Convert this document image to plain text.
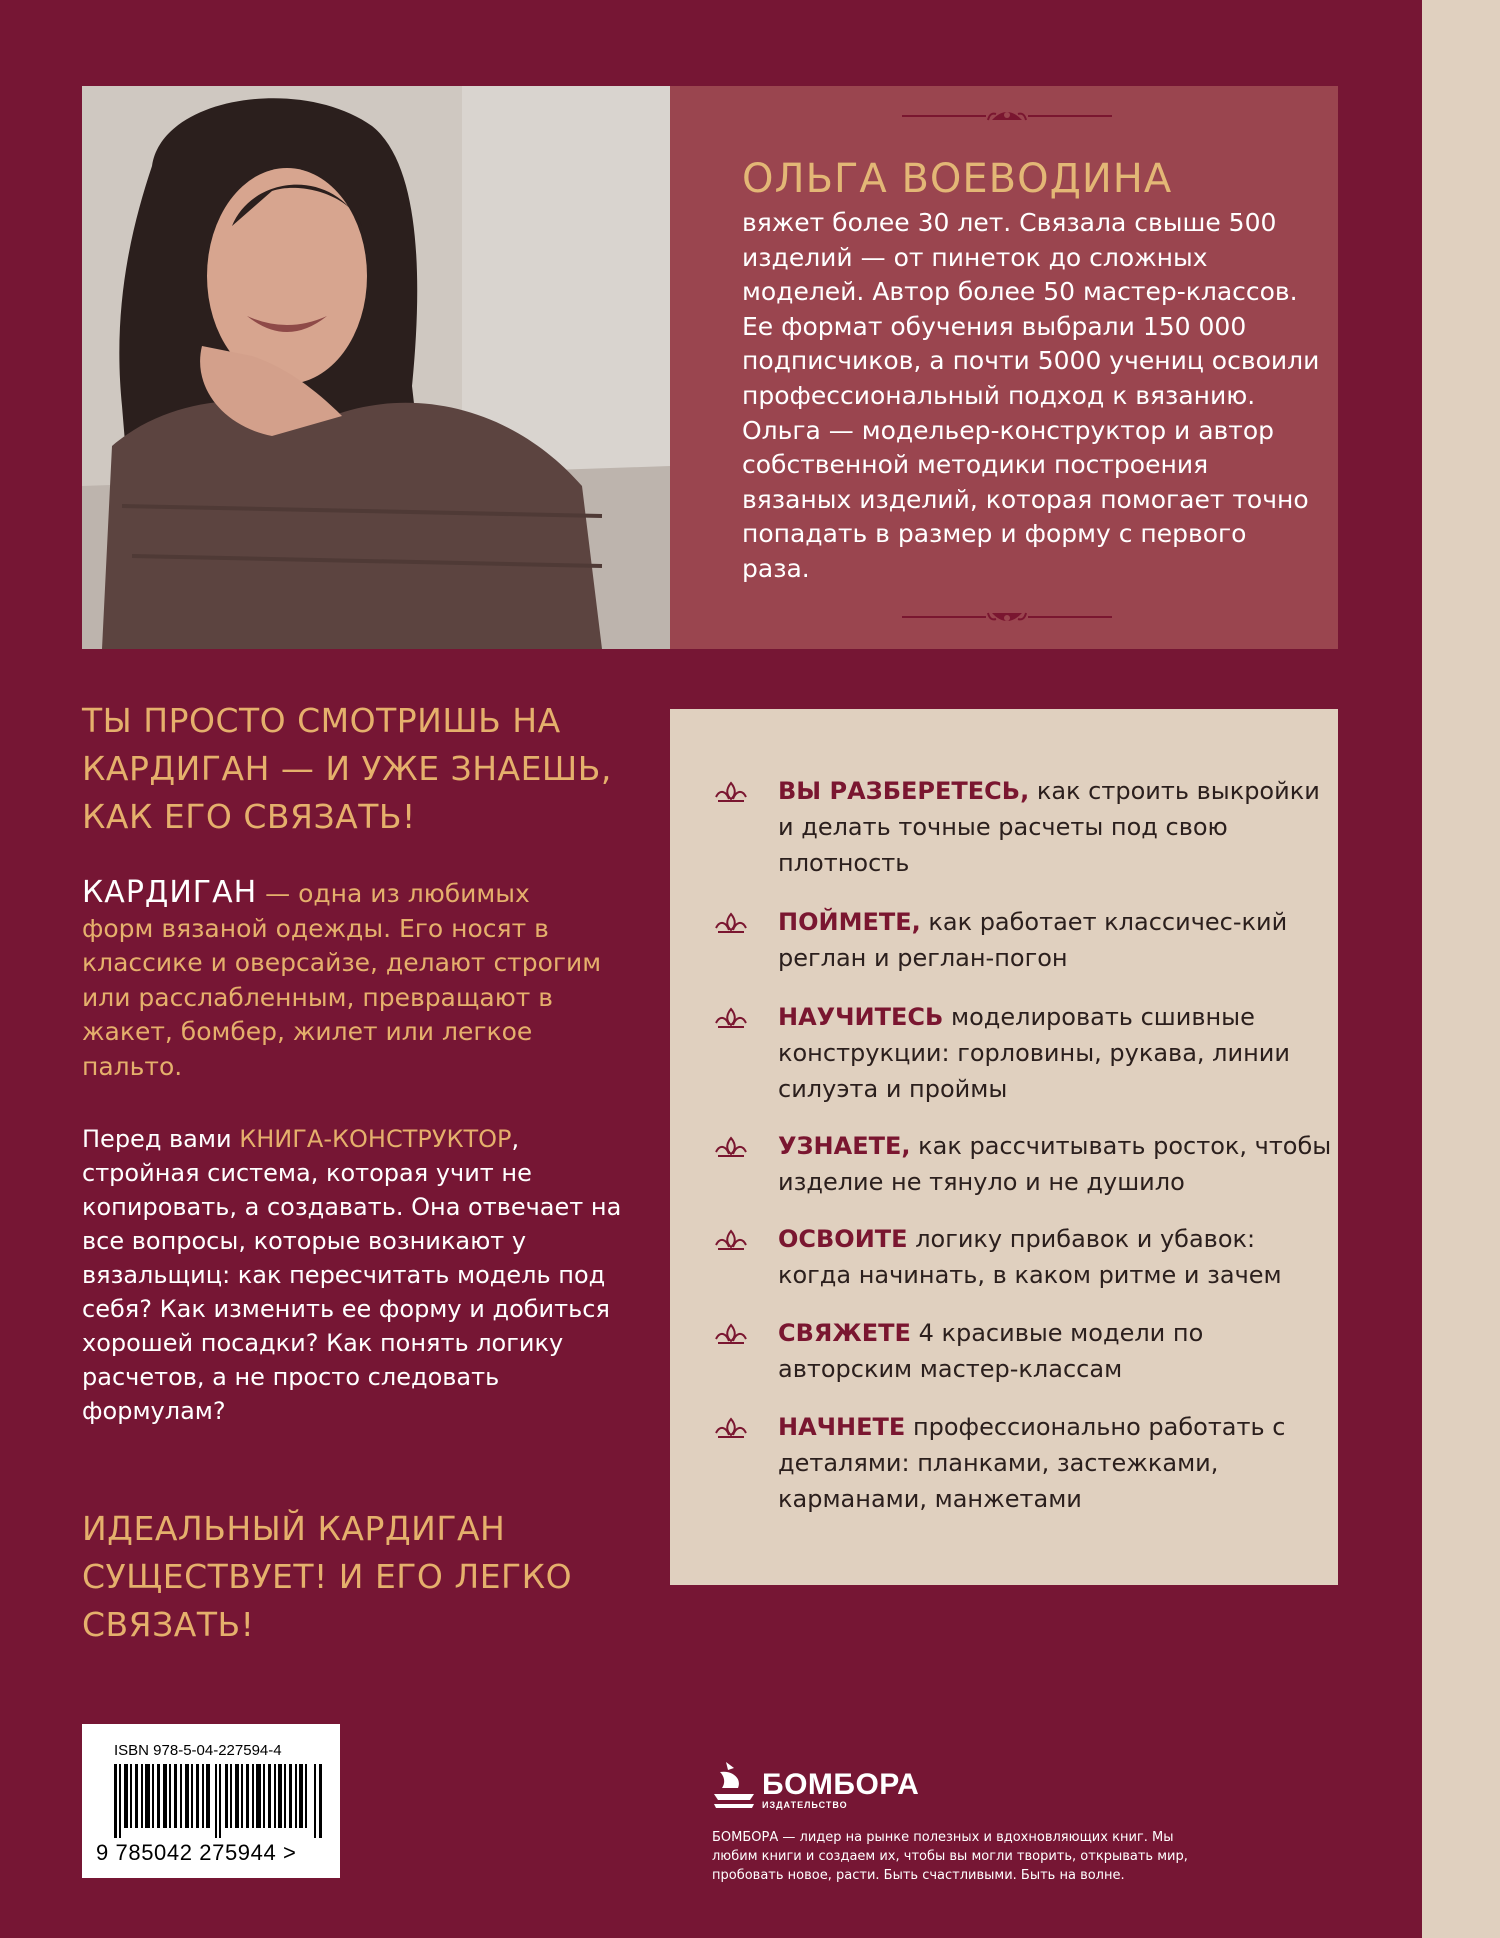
ОЛЬГА ВОЕВОДИНА

вяжет более 30 лет. Связала свыше 500 изделий — от пинеток до сложных моделей. Автор более 50 мастер-классов. Ее формат обучения выбрали 150 000 подписчиков, а почти 5000 учениц освоили профессиональный подход к вязанию. Ольга — модельер-конструктор и автор собственной методики построения вязаных изделий, которая помогает точно попадать в размер и форму с первого раза.

ТЫ ПРОСТО СМОТРИШЬ НА КАРДИГАН — И УЖЕ ЗНАЕШЬ, КАК ЕГО СВЯЗАТЬ!

КАРДИГАН — одна из любимых форм вязаной одежды. Его носят в классике и оверсайзе, делают строгим или расслабленным, превращают в жакет, бомбер, жилет или легкое пальто.

Перед вами КНИГА-КОНСТРУКТОР, стройная система, которая учит не копировать, а создавать. Она отвечает на все вопросы, которые возникают у вязальщиц: как пересчитать модель под себя? Как изменить ее форму и добиться хорошей посадки? Как понять логику расчетов, а не просто следовать формулам?

ИДЕАЛЬНЫЙ КАРДИГАН СУЩЕСТВУЕТ! И ЕГО ЛЕГКО СВЯЗАТЬ!

ВЫ РАЗБЕРЕТЕСЬ, как строить выкройки и делать точные расчеты под свою плотность

ПОЙМЕТЕ, как работает классичес-кий реглан и реглан-погон

НАУЧИТЕСЬ моделировать сшивные конструкции: горловины, рукава, линии силуэта и проймы

УЗНАЕТЕ, как рассчитывать росток, чтобы изделие не тянуло и не душило

ОСВОИТЕ логику прибавок и убавок: когда начинать, в каком ритме и зачем

СВЯЖЕТЕ 4 красивые модели по авторским мастер-классам

НАЧНЕТЕ профессионально работать с деталями: планками, застежками, карманами, манжетами

ISBN 978-5-04-227594-4

9 785042 275944 >

БОМБОРА
ИЗДАТЕЛЬСТВО

БОМБОРА — лидер на рынке полезных и вдохновляющих книг. Мы любим книги и создаем их, чтобы вы могли творить, открывать мир, пробовать новое, расти. Быть счастливыми. Быть на волне.
